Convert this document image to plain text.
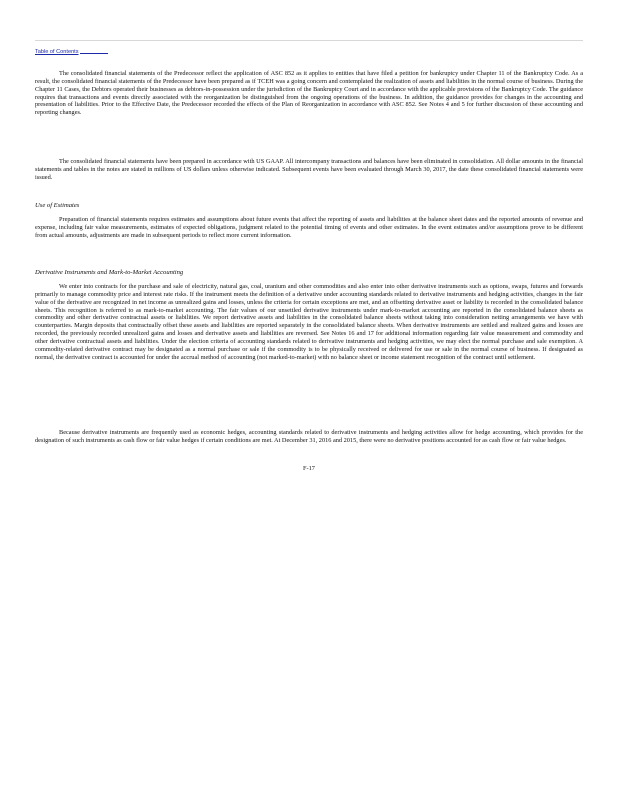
Table of Contents

The consolidated financial statements of the Predecessor reflect the application of ASC 852 as it applies to entities that have filed a petition for bankruptcy under Chapter 11 of the Bankruptcy Code. As a result, the consolidated financial statements of the Predecessor have been prepared as if TCEH was a going concern and contemplated the realization of assets and liabilities in the normal course of business. During the Chapter 11 Cases, the Debtors operated their businesses as debtors-in-possession under the jurisdiction of the Bankruptcy Court and in accordance with the applicable provisions of the Bankruptcy Code. The guidance requires that transactions and events directly associated with the reorganization be distinguished from the ongoing operations of the business. In addition, the guidance provides for changes in the accounting and presentation of liabilities. Prior to the Effective Date, the Predecessor recorded the effects of the Plan of Reorganization in accordance with ASC 852. See Notes 4 and 5 for further discussion of these accounting and reporting changes.

The consolidated financial statements have been prepared in accordance with US GAAP. All intercompany transactions and balances have been eliminated in consolidation. All dollar amounts in the financial statements and tables in the notes are stated in millions of US dollars unless otherwise indicated. Subsequent events have been evaluated through March 30, 2017, the date these consolidated financial statements were issued.

Use of Estimates

Preparation of financial statements requires estimates and assumptions about future events that affect the reporting of assets and liabilities at the balance sheet dates and the reported amounts of revenue and expense, including fair value measurements, estimates of expected obligations, judgment related to the potential timing of events and other estimates. In the event estimates and/or assumptions prove to be different from actual amounts, adjustments are made in subsequent periods to reflect more current information.

Derivative Instruments and Mark-to-Market Accounting

We enter into contracts for the purchase and sale of electricity, natural gas, coal, uranium and other commodities and also enter into other derivative instruments such as options, swaps, futures and forwards primarily to manage commodity price and interest rate risks. If the instrument meets the definition of a derivative under accounting standards related to derivative instruments and hedging activities, changes in the fair value of the derivative are recognized in net income as unrealized gains and losses, unless the criteria for certain exceptions are met, and an offsetting derivative asset or liability is recorded in the consolidated balance sheets. This recognition is referred to as mark-to-market accounting. The fair values of our unsettled derivative instruments under mark-to-market accounting are reported in the consolidated balance sheets as commodity and other derivative contractual assets or liabilities. We report derivative assets and liabilities in the consolidated balance sheets without taking into consideration netting arrangements we have with counterparties. Margin deposits that contractually offset these assets and liabilities are reported separately in the consolidated balance sheets. When derivative instruments are settled and realized gains and losses are recorded, the previously recorded unrealized gains and losses and derivative assets and liabilities are reversed. See Notes 16 and 17 for additional information regarding fair value measurement and commodity and other derivative contractual assets and liabilities. Under the election criteria of accounting standards related to derivative instruments and hedging activities, we may elect the normal purchase and sale exemption. A commodity-related derivative contract may be designated as a normal purchase or sale if the commodity is to be physically received or delivered for use or sale in the normal course of business. If designated as normal, the derivative contract is accounted for under the accrual method of accounting (not marked-to-market) with no balance sheet or income statement recognition of the contract until settlement.

Because derivative instruments are frequently used as economic hedges, accounting standards related to derivative instruments and hedging activities allow for hedge accounting, which provides for the designation of such instruments as cash flow or fair value hedges if certain conditions are met. At December 31, 2016 and 2015, there were no derivative positions accounted for as cash flow or fair value hedges.

F-17
